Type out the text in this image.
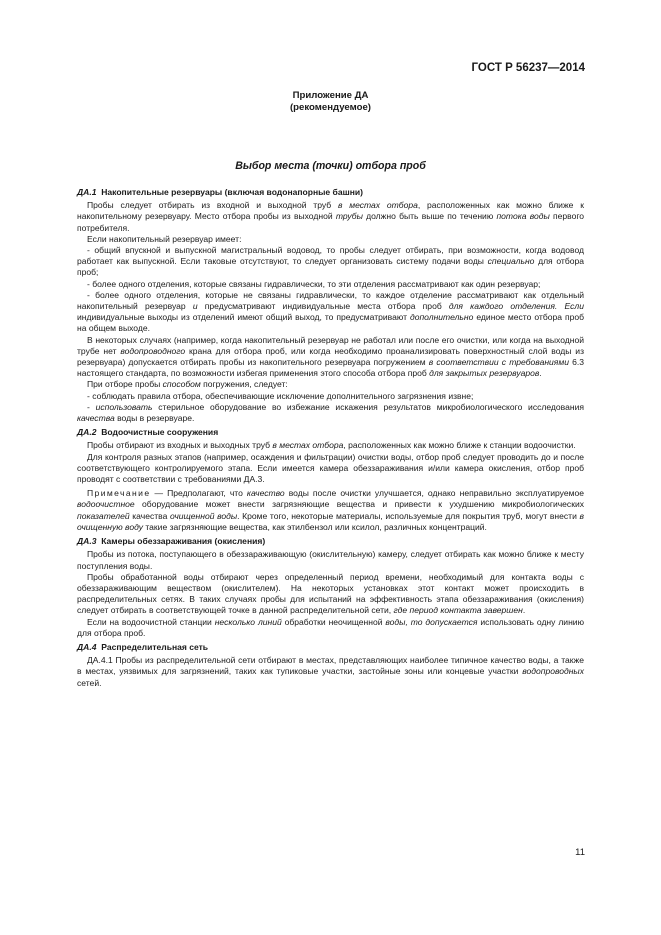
ГОСТ Р 56237—2014
Приложение ДА
(рекомендуемое)
Выбор места (точки) отбора проб

ДА.1 Накопительные резервуары (включая водонапорные башни)

Пробы следует отбирать из входной и выходной труб в местах отбора, расположенных как можно ближе к накопительному резервуару. Место отбора пробы из выходной трубы должно быть выше по течению потока воды первого потребителя.

Если накопительный резервуар имеет:

- общий впускной и выпускной магистральный водовод, то пробы следует отбирать, при возможности, когда водовод работает как выпускной. Если таковые отсутствуют, то следует организовать систему подачи воды специально для отбора проб;

- более одного отделения, которые связаны гидравлически, то эти отделения рассматривают как один резервуар;

- более одного отделения, которые не связаны гидравлически, то каждое отделение рассматривают как отдельный накопительный резервуар и предусматривают индивидуальные места отбора проб для каждого отделения. Если индивидуальные выходы из отделений имеют общий выход, то предусматривают дополнительно единое место отбора проб на общем выходе.

В некоторых случаях (например, когда накопительный резервуар не работал или после его очистки, или когда на выходной трубе нет водопроводного крана для отбора проб, или когда необходимо проанализировать поверхностный слой воды из резервуара) допускается отбирать пробы из накопительного резервуара погружением в соответствии с требованиями 6.3 настоящего стандарта, по возможности избегая применения этого способа отбора проб для закрытых резервуаров.

При отборе пробы способом погружения, следует:

- соблюдать правила отбора, обеспечивающие исключение дополнительного загрязнения извне;

- использовать стерильное оборудование во избежание искажения результатов микробиологического исследования качества воды в резервуаре.

ДА.2 Водоочистные сооружения

Пробы отбирают из входных и выходных труб в местах отбора, расположенных как можно ближе к станции водоочистки.

Для контроля разных этапов (например, осаждения и фильтрации) очистки воды, отбор проб следует проводить до и после соответствующего контролируемого этапа. Если имеется камера обеззараживания и/или камера окисления, отбор проб проводят с соответствии с требованиями ДА.3.

Примечание — Предполагают, что качество воды после очистки улучшается, однако неправильно эксплуатируемое водоочистное оборудование может внести загрязняющие вещества и привести к ухудшению микробиологических показателей качества очищенной воды. Кроме того, некоторые материалы, используемые для покрытия труб, могут внести в очищенную воду такие загрязняющие вещества, как этилбензол или ксилол, различных концентраций.

ДА.3 Камеры обеззараживания (окисления)

Пробы из потока, поступающего в обеззараживающую (окислительную) камеру, следует отбирать как можно ближе к месту поступления воды.

Пробы обработанной воды отбирают через определенный период времени, необходимый для контакта воды с обеззараживающим веществом (окислителем). На некоторых установках этот контакт может происходить в распределительных сетях. В таких случаях пробы для испытаний на эффективность этапа обеззараживания (окисления) следует отбирать в соответствующей точке в данной распределительной сети, где период контакта завершен.

Если на водоочистной станции несколько линий обработки неочищенной воды, то допускается использовать одну линию для отбора проб.

ДА.4 Распределительная сеть

ДА.4.1 Пробы из распределительной сети отбирают в местах, представляющих наиболее типичное качество воды, а также в местах, уязвимых для загрязнений, таких как тупиковые участки, застойные зоны или концевые участки водопроводных сетей.

11
